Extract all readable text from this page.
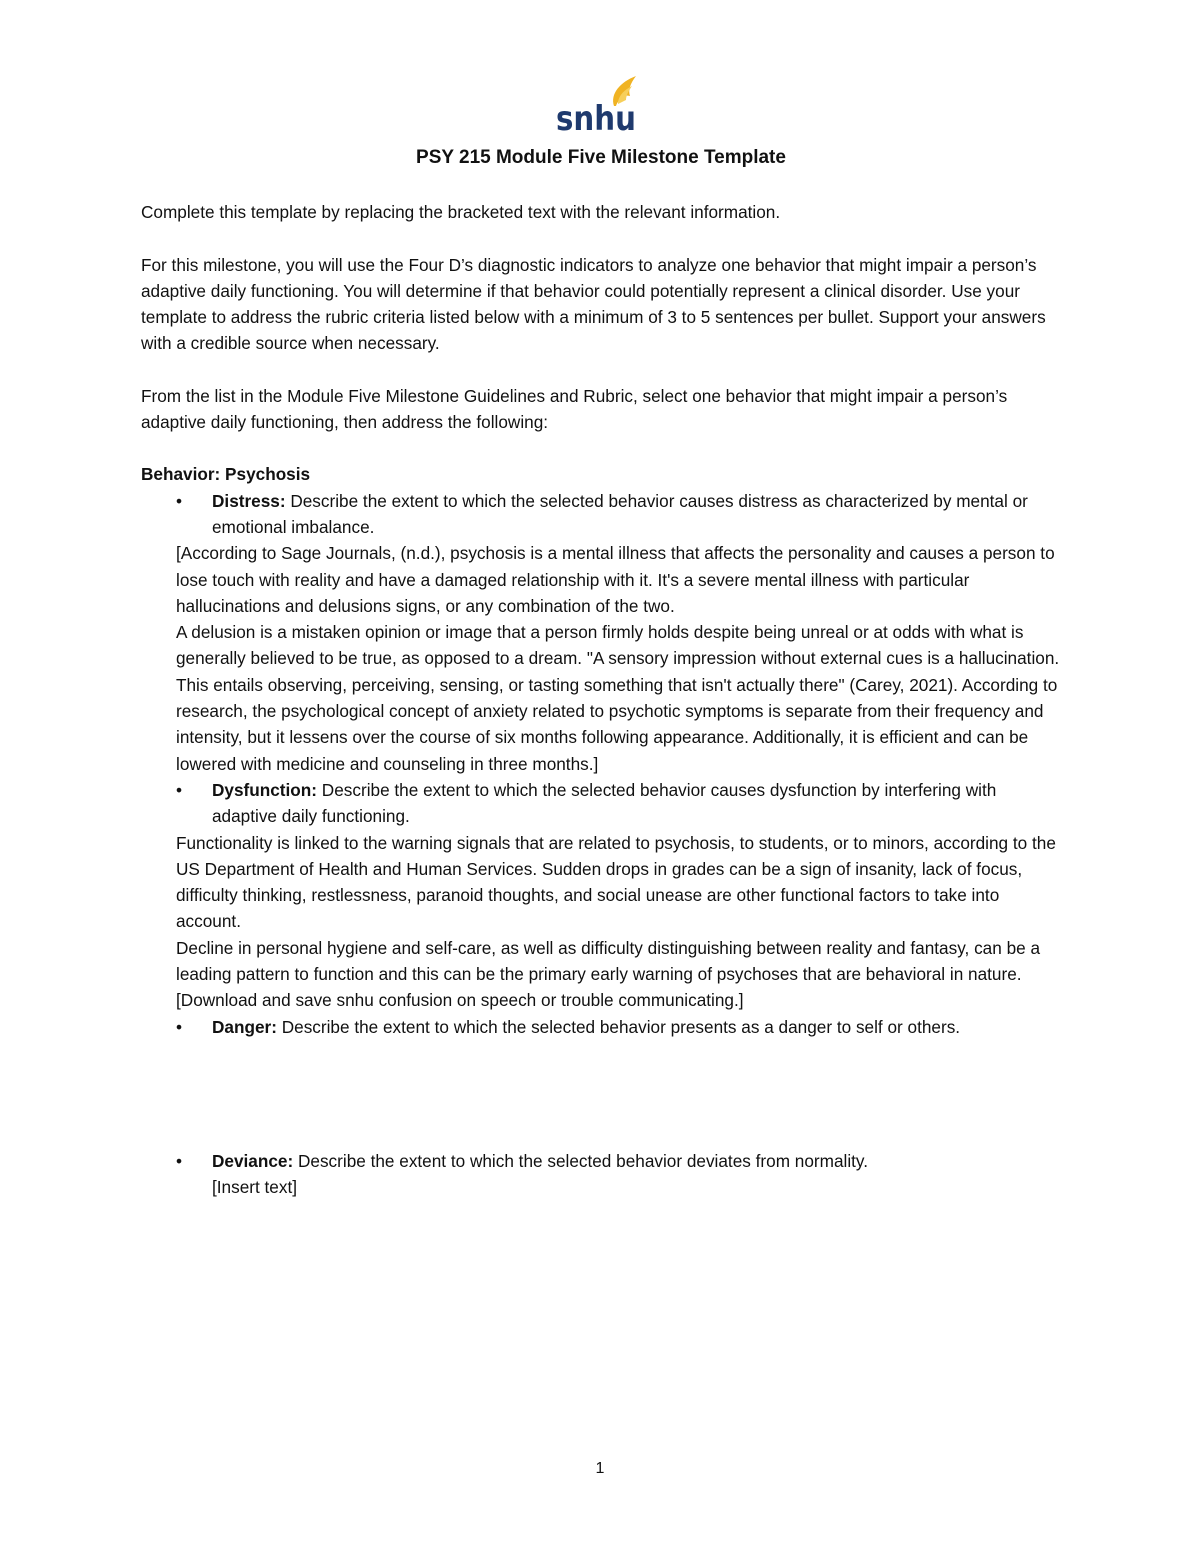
snhu
PSY 215 Module Five Milestone Template

Complete this template by replacing the bracketed text with the relevant information.

For this milestone, you will use the Four D’s diagnostic indicators to analyze one behavior that might impair a person’s adaptive daily functioning. You will determine if that behavior could potentially represent a clinical disorder. Use your template to address the rubric criteria listed below with a minimum of 3 to 5 sentences per bullet. Support your answers with a credible source when necessary.

From the list in the Module Five Milestone Guidelines and Rubric, select one behavior that might impair a person’s adaptive daily functioning, then address the following:

Behavior: Psychosis

• Distress: Describe the extent to which the selected behavior causes distress as characterized by mental or emotional imbalance.

[According to Sage Journals, (n.d.), psychosis is a mental illness that affects the personality and causes a person to lose touch with reality and have a damaged relationship with it. It's a severe mental illness with particular hallucinations and delusions signs, or any combination of the two.

A delusion is a mistaken opinion or image that a person firmly holds despite being unreal or at odds with what is generally believed to be true, as opposed to a dream. "A sensory impression without external cues is a hallucination. This entails observing, perceiving, sensing, or tasting something that isn't actually there" (Carey, 2021). According to research, the psychological concept of anxiety related to psychotic symptoms is separate from their frequency and intensity, but it lessens over the course of six months following appearance. Additionally, it is efficient and can be lowered with medicine and counseling in three months.]

• Dysfunction: Describe the extent to which the selected behavior causes dysfunction by interfering with adaptive daily functioning.

Functionality is linked to the warning signals that are related to psychosis, to students, or to minors, according to the US Department of Health and Human Services. Sudden drops in grades can be a sign of insanity, lack of focus, difficulty thinking, restlessness, paranoid thoughts, and social unease are other functional factors to take into account.

Decline in personal hygiene and self-care, as well as difficulty distinguishing between reality and fantasy, can be a leading pattern to function and this can be the primary early warning of psychoses that are behavioral in nature. [Download and save snhu confusion on speech or trouble communicating.]

• Danger: Describe the extent to which the selected behavior presents as a danger to self or others.
• Deviance: Describe the extent to which the selected behavior deviates from normality.

[Insert text]

1
